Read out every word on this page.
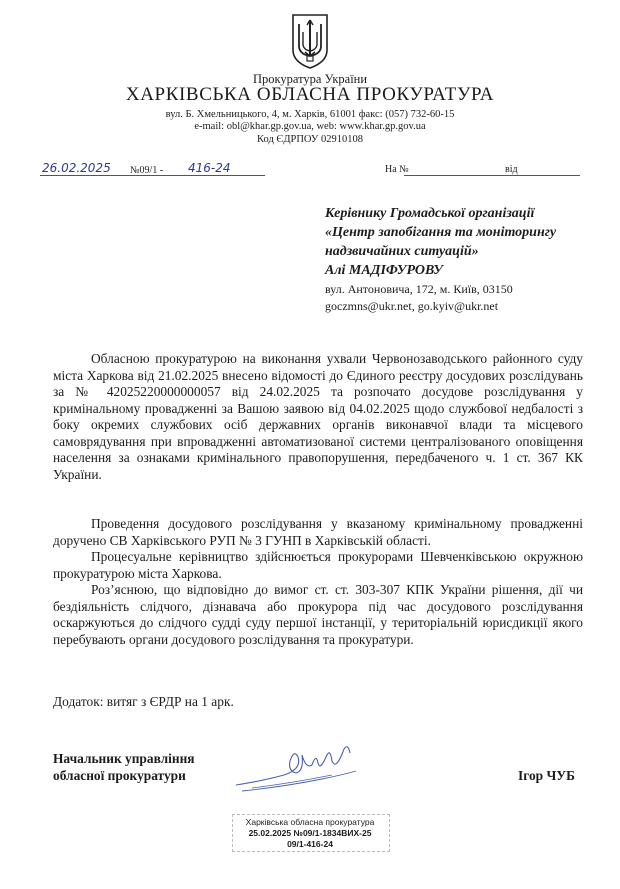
Прокуратура України
ХАРКІВСЬКА ОБЛАСНА ПРОКУРАТУРА
вул. Б. Хмельницького, 4, м. Харків, 61001 факс: (057) 732-60-15
e-mail: obl@khar.gp.gov.ua, web: www.khar.gp.gov.ua
Код ЄДРПОУ 02910108
26.02.2025 №09/1 - 416-24	На №	від
Керівнику Громадської організації
«Центр запобігання та моніторингу
надзвичайних ситуацій»
Алі МАДІФУРОВУ
вул. Антоновича, 172, м. Київ, 03150
goczmns@ukr.net, go.kyiv@ukr.net
Обласною прокуратурою на виконання ухвали Червонозаводського районного суду міста Харкова від 21.02.2025 внесено відомості до Єдиного реєстру досудових розслідувань за № 42025220000000057 від 24.02.2025 та розпочато досудове розслідування у кримінальному провадженні за Вашою заявою від 04.02.2025 щодо службової недбалості з боку окремих службових осіб державних органів виконавчої влади та місцевого самоврядування при впровадженні автоматизованої системи централізованого оповіщення населення за ознаками кримінального правопорушення, передбаченого ч. 1 ст. 367 КК України.
Проведення досудового розслідування у вказаному кримінальному провадженні доручено СВ Харківського РУП № 3 ГУНП в Харківській області.
Процесуальне керівництво здійснюється прокурорами Шевченківською окружною прокуратурою міста Харкова.
Роз’яснюю, що відповідно до вимог ст. ст. 303-307 КПК України рішення, дії чи бездіяльність слідчого, дізнавача або прокурора під час досудового розслідування оскаржуються до слідчого судді суду першої інстанції, у територіальній юрисдикції якого перебувають органи досудового розслідування та прокуратури.
Додаток: витяг з ЄРДР на 1 арк.
Начальник управління
обласної прокуратури	Ігор ЧУБ
Харківська обласна прокуратура
25.02.2025 №09/1-1834ВИХ-25
09/1-416-24
